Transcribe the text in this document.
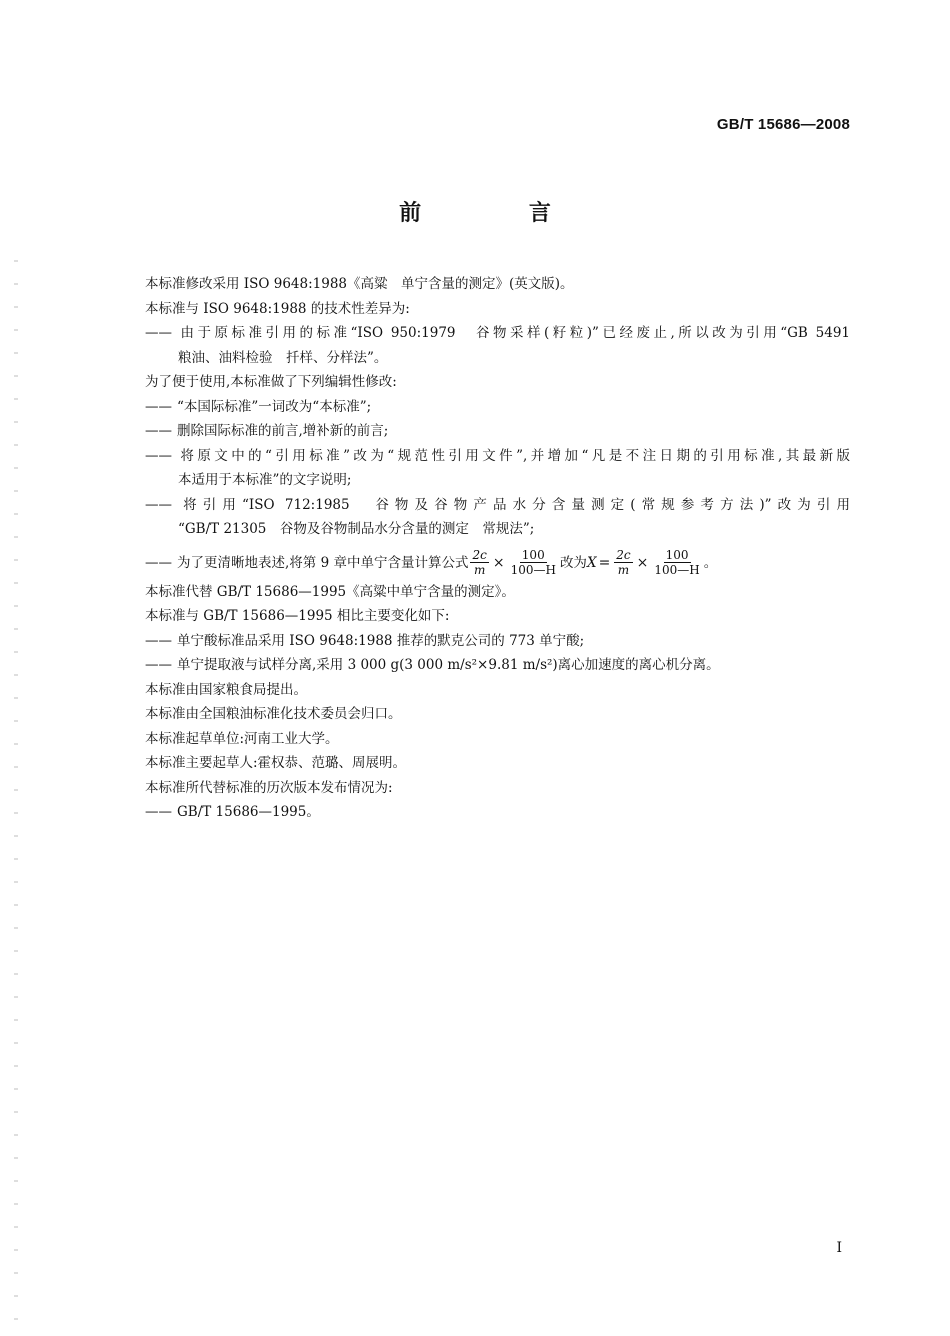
GB/T 15686—2008
前 言
本标准修改采用 ISO 9648:1988《高粱　单宁含量的测定》(英文版)。
本标准与 ISO 9648:1988 的技术性差异为:
—— 由于原标准引用的标准“ISO 950:1979　谷物采样(籽粒)”已经废止,所以改为引用“GB 5491
粮油、油料检验　扦样、分样法”。
为了便于使用,本标准做了下列编辑性修改:
—— “本国际标准”一词改为“本标准”;
—— 删除国际标准的前言,增补新的前言;
—— 将原文中的“引用标准”改为“规范性引用文件”,并增加“凡是不注日期的引用标准,其最新版
本适用于本标准”的文字说明;
—— 将引用“ISO 712:1985　谷物及谷物产品水分含量测定(常规参考方法)”改为引用
“GB/T 21305　谷物及谷物制品水分含量的测定　常规法”;
—— 为了更清晰地表述,将第 9 章中单宁含量计算公式 $\frac{2c}{m} \times \frac{100}{100—H}$ 改为 $X = \frac{2c}{m} \times \frac{100}{100—H}$ 。
本标准代替 GB/T 15686—1995《高粱中单宁含量的测定》。
本标准与 GB/T 15686—1995 相比主要变化如下:
—— 单宁酸标准品采用 ISO 9648:1988 推荐的默克公司的 773 单宁酸;
—— 单宁提取液与试样分离,采用 3 000 g(3 000 m/s²×9.81 m/s²)离心加速度的离心机分离。
本标准由国家粮食局提出。
本标准由全国粮油标准化技术委员会归口。
本标准起草单位:河南工业大学。
本标准主要起草人:霍权恭、范璐、周展明。
本标准所代替标准的历次版本发布情况为:
—— GB/T 15686—1995。
I
